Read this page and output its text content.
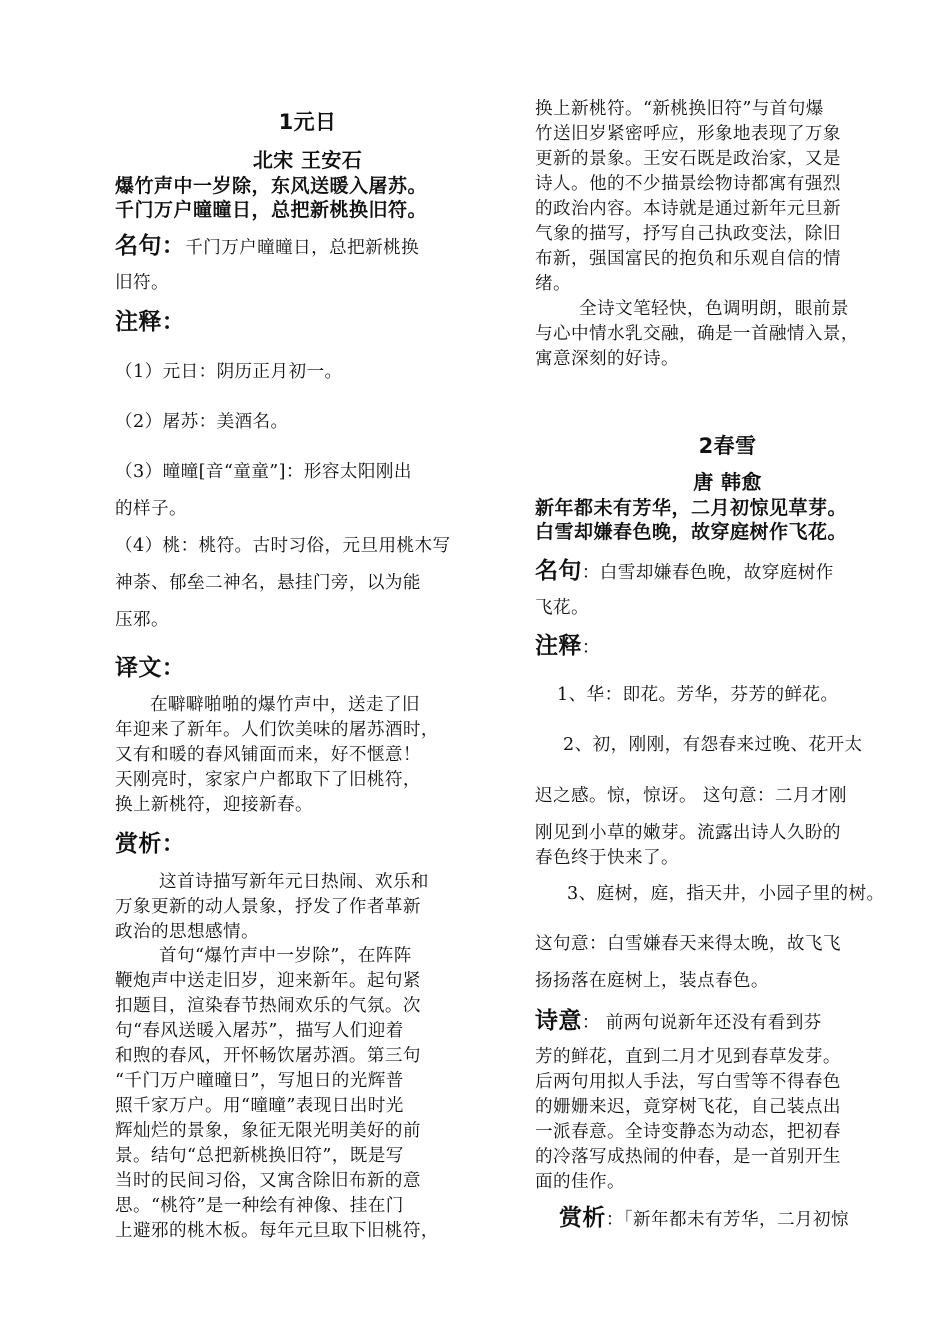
1元日
北宋 王安石
爆竹声中一岁除，东风送暖入屠苏。
千门万户曈曈日，总把新桃换旧符。
名句：千门万户曈曈日，总把新桃换
旧符。
注释：
（1）元日：阴历正月初一。
（2）屠苏：美酒名。
（3）曈曈[音“童童”]：形容太阳刚出
的样子。
（4）桃：桃符。古时习俗，元旦用桃木写
神荼、郁垒二神名，悬挂门旁，以为能
压邪。
译文：
在噼噼啪啪的爆竹声中，送走了旧
年迎来了新年。人们饮美味的屠苏酒时，
又有和暖的春风铺面而来，好不惬意！
天刚亮时，家家户户都取下了旧桃符，
换上新桃符，迎接新春。
赏析：
这首诗描写新年元日热闹、欢乐和
万象更新的动人景象，抒发了作者革新
政治的思想感情。
首句“爆竹声中一岁除”，在阵阵
鞭炮声中送走旧岁，迎来新年。起句紧
扣题目，渲染春节热闹欢乐的气氛。次
句“春风送暖入屠苏”，描写人们迎着
和煦的春风，开怀畅饮屠苏酒。第三句
“千门万户曈曈日”，写旭日的光辉普
照千家万户。用“曈曈”表现日出时光
辉灿烂的景象，象征无限光明美好的前
景。结句“总把新桃换旧符”，既是写
当时的民间习俗，又寓含除旧布新的意
思。“桃符”是一种绘有神像、挂在门
上避邪的桃木板。每年元旦取下旧桃符，
换上新桃符。“新桃换旧符”与首句爆
竹送旧岁紧密呼应，形象地表现了万象
更新的景象。王安石既是政治家，又是
诗人。他的不少描景绘物诗都寓有强烈
的政治内容。本诗就是通过新年元旦新
气象的描写，抒写自己执政变法，除旧
布新，强国富民的抱负和乐观自信的情
绪。
全诗文笔轻快，色调明朗，眼前景
与心中情水乳交融，确是一首融情入景，
寓意深刻的好诗。
2春雪
唐 韩愈
新年都未有芳华，二月初惊见草芽。
白雪却嫌春色晚，故穿庭树作飞花。
名句：白雪却嫌春色晚，故穿庭树作
飞花。
注释：
1、华：即花。芳华，芬芳的鲜花。
2、初，刚刚，有怨春来过晚、花开太
迟之感。惊，惊讶。 这句意：二月才刚
刚见到小草的嫩芽。流露出诗人久盼的
春色终于快来了。
3、庭树，庭，指天井，小园子里的树。
这句意：白雪嫌春天来得太晚，故飞飞
扬扬落在庭树上，装点春色。
诗意： 前两句说新年还没有看到芬
芳的鲜花，直到二月才见到春草发芽。
后两句用拟人手法，写白雪等不得春色
的姗姗来迟，竟穿树飞花，自己装点出
一派春意。全诗变静态为动态，把初春
的冷落写成热闹的仲春，是一首别开生
面的佳作。
赏析：「新年都未有芳华，二月初惊
